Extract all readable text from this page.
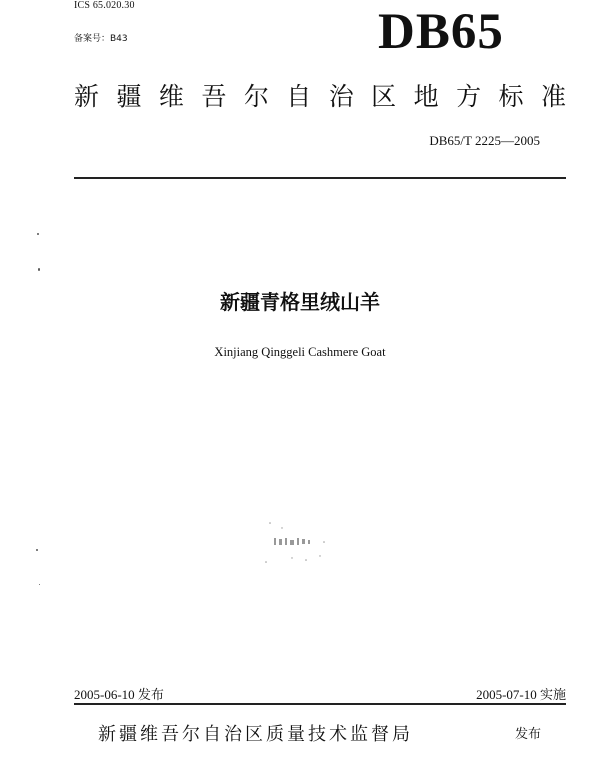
ICS 65.020.30
备案号：B43	DB65
新 疆 维 吾 尔 自 治 区 地 方 标 准
DB65/T 2225—2005
新疆青格里绒山羊
Xinjiang Qinggeli Cashmere Goat
2005-06-10 发布	2005-07-10 实施
新疆维吾尔自治区质量技术监督局	发布
